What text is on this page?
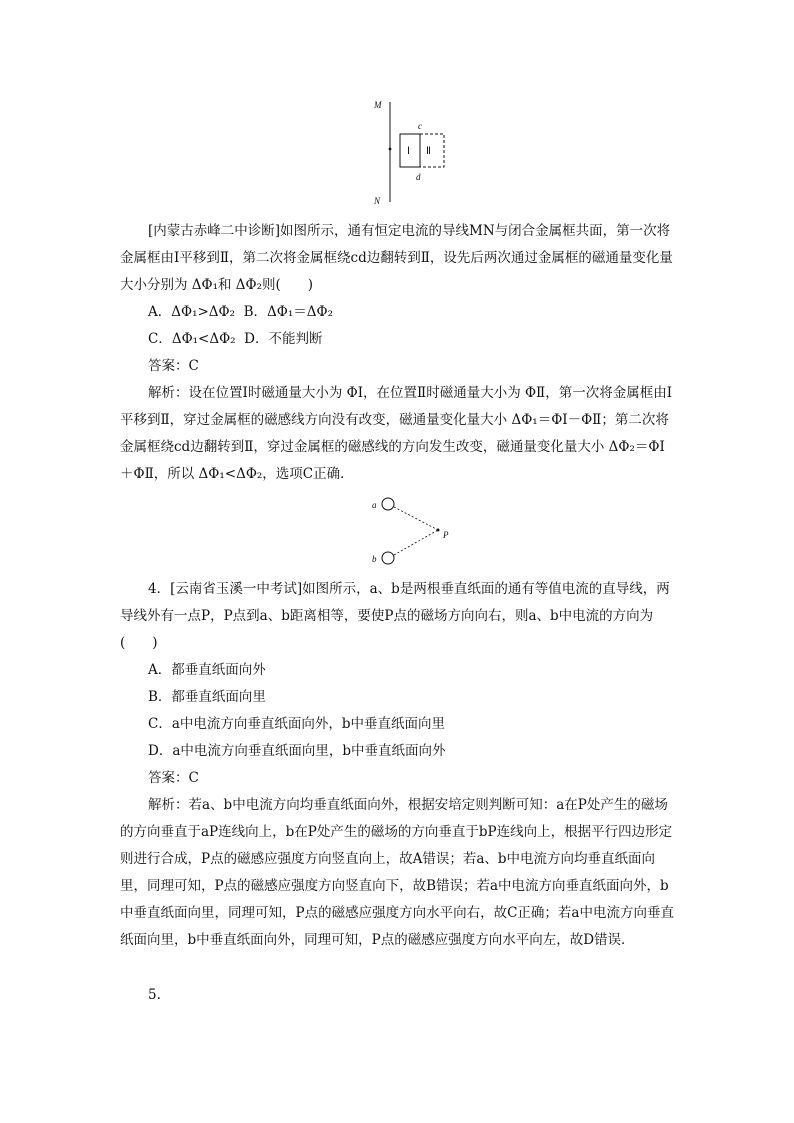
M
N
Ⅰ Ⅱ
c
d

[内蒙古赤峰二中诊断]如图所示，通有恒定电流的导线MN与闭合金属框共面，第一次将金属框由Ⅰ平移到Ⅱ，第二次将金属框绕cd边翻转到Ⅱ，设先后两次通过金属框的磁通量变化量大小分别为 ΔΦ₁和 ΔΦ₂则(　　)

A．ΔΦ₁>ΔΦ₂  B．ΔΦ₁＝ΔΦ₂

C．ΔΦ₁<ΔΦ₂  D．不能判断

答案：C

解析：设在位置Ⅰ时磁通量大小为 ΦⅠ，在位置Ⅱ时磁通量大小为 ΦⅡ，第一次将金属框由Ⅰ平移到Ⅱ，穿过金属框的磁感线方向没有改变，磁通量变化量大小 ΔΦ₁＝ΦⅠ－ΦⅡ；第二次将金属框绕cd边翻转到Ⅱ，穿过金属框的磁感线的方向发生改变，磁通量变化量大小 ΔΦ₂＝ΦⅠ＋ΦⅡ，所以 ΔΦ₁<ΔΦ₂，选项C正确．

a
b
P

4．[云南省玉溪一中考试]如图所示，a、b是两根垂直纸面的通有等值电流的直导线，两导线外有一点P，P点到a、b距离相等，要使P点的磁场方向向右，则a、b中电流的方向为(　　)

A．都垂直纸面向外

B．都垂直纸面向里

C．a中电流方向垂直纸面向外，b中垂直纸面向里

D．a中电流方向垂直纸面向里，b中垂直纸面向外

答案：C

解析：若a、b中电流方向均垂直纸面向外，根据安培定则判断可知：a在P处产生的磁场的方向垂直于aP连线向上，b在P处产生的磁场的方向垂直于bP连线向上，根据平行四边形定则进行合成，P点的磁感应强度方向竖直向上，故A错误；若a、b中电流方向均垂直纸面向里，同理可知，P点的磁感应强度方向竖直向下，故B错误；若a中电流方向垂直纸面向外，b中垂直纸面向里，同理可知，P点的磁感应强度方向水平向右，故C正确；若a中电流方向垂直纸面向里，b中垂直纸面向外，同理可知，P点的磁感应强度方向水平向左，故D错误．

5.
